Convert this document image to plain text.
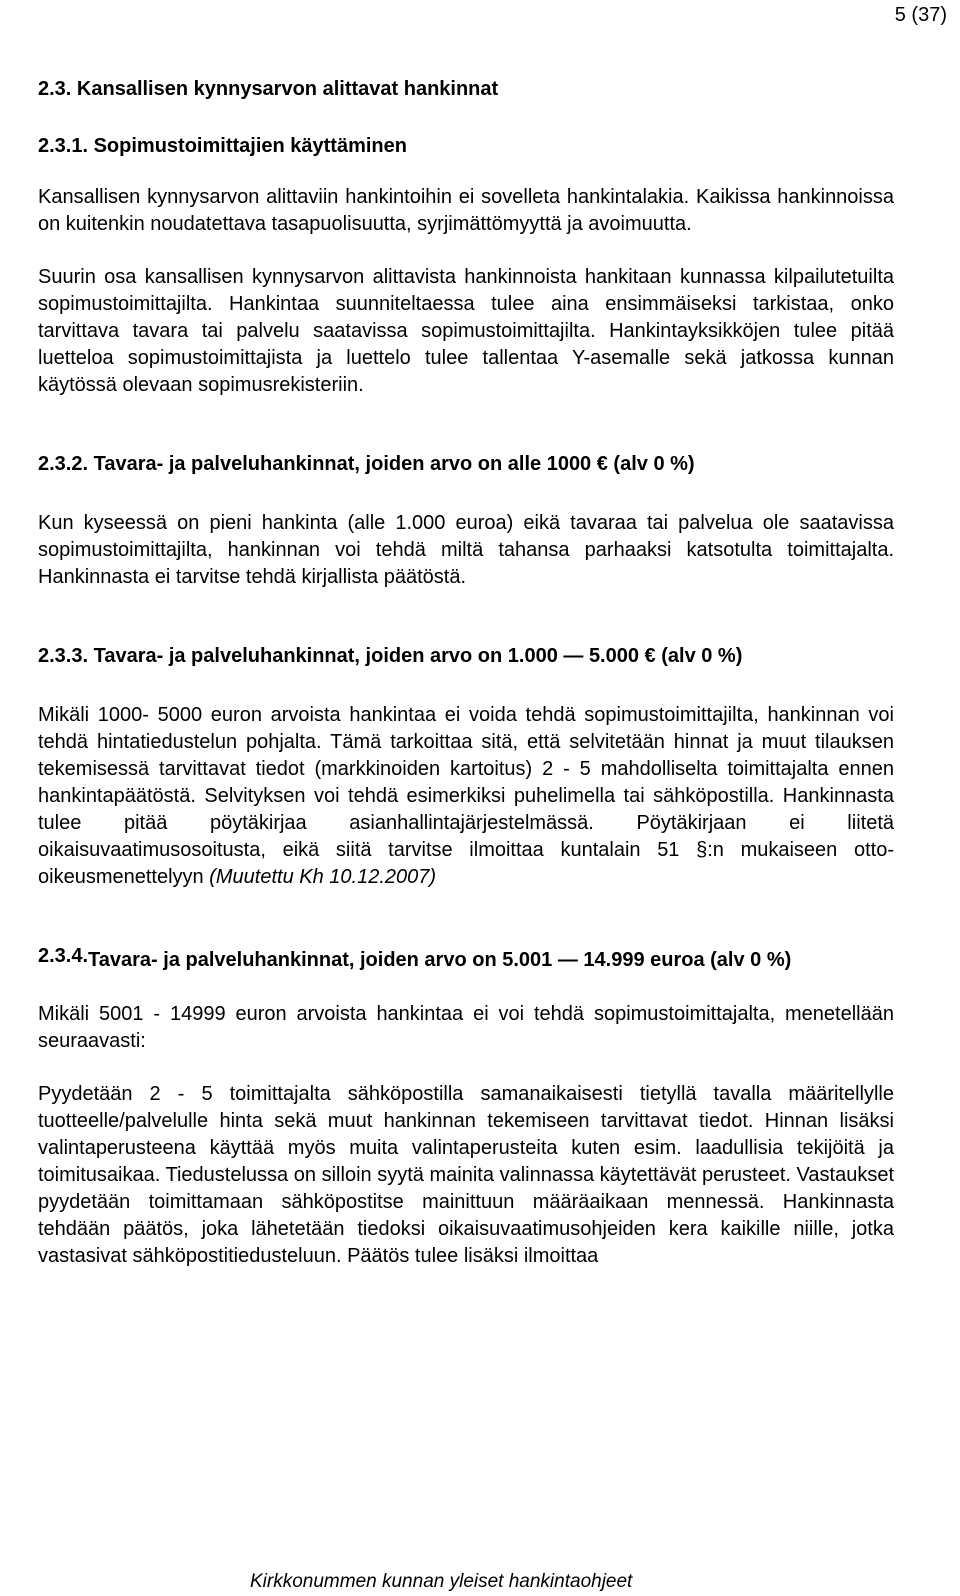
5 (37)
2.3. Kansallisen kynnysarvon alittavat hankinnat
2.3.1. Sopimustoimittajien käyttäminen

Kansallisen kynnysarvon alittaviin hankintoihin ei sovelleta hankintalakia. Kaikissa hankinnoissa on kuitenkin noudatettava tasapuolisuutta, syrjimättömyyttä ja avoimuutta.

Suurin osa kansallisen kynnysarvon alittavista hankinnoista hankitaan kunnassa kilpailutetuilta sopimustoimittajilta. Hankintaa suunniteltaessa tulee aina ensimmäiseksi tarkistaa, onko tarvittava tavara tai palvelu saatavissa sopimustoimittajilta. Hankintayksikköjen tulee pitää luetteloa sopimustoimittajista ja luettelo tulee tallentaa Y-asemalle sekä jatkossa kunnan käytössä olevaan sopimusrekisteriin.

2.3.2. Tavara- ja palveluhankinnat, joiden arvo on alle 1000 € (alv 0 %)

Kun kyseessä on pieni hankinta (alle 1.000 euroa) eikä tavaraa tai palvelua ole saatavissa sopimustoimittajilta, hankinnan voi tehdä miltä tahansa parhaaksi katsotulta toimittajalta. Hankinnasta ei tarvitse tehdä kirjallista päätöstä.

2.3.3. Tavara- ja palveluhankinnat, joiden arvo on 1.000 — 5.000 € (alv 0 %)

Mikäli 1000- 5000 euron arvoista hankintaa ei voida tehdä sopimustoimittajilta, hankinnan voi tehdä hintatiedustelun pohjalta. Tämä tarkoittaa sitä, että selvitetään hinnat ja muut tilauksen tekemisessä tarvittavat tiedot (markkinoiden kartoitus) 2 - 5 mahdolliselta toimittajalta ennen hankintapäätöstä. Selvityksen voi tehdä esimerkiksi puhelimella tai sähköpostilla. Hankinnasta tulee pitää pöytäkirjaa asianhallintajärjestelmässä. Pöytäkirjaan ei liitetä oikaisuvaatimusosoitusta, eikä siitä tarvitse ilmoittaa kuntalain 51 §:n mukaiseen otto-oikeusmenettelyyn (Muutettu Kh 10.12.2007)

2.3.4. Tavara- ja palveluhankinnat, joiden arvo on 5.001 — 14.999 euroa (alv 0 %)

Mikäli 5001 - 14999 euron arvoista hankintaa ei voi tehdä sopimustoimittajalta, menetellään seuraavasti:

Pyydetään 2 - 5 toimittajalta sähköpostilla samanaikaisesti tietyllä tavalla määritellylle tuotteelle/palvelulle hinta sekä muut hankinnan tekemiseen tarvittavat tiedot. Hinnan lisäksi valintaperusteena käyttää myös muita valintaperusteita kuten esim. laadullisia tekijöitä ja toimitusaikaa. Tiedustelussa on silloin syytä mainita valinnassa käytettävät perusteet. Vastaukset pyydetään toimittamaan sähköpostitse mainittuun määräaikaan mennessä. Hankinnasta tehdään päätös, joka lähetetään tiedoksi oikaisuvaatimusohjeiden kera kaikille niille, jotka vastasivat sähköpostitiedusteluun. Päätös tulee lisäksi ilmoittaa

Kirkkonummen kunnan yleiset hankintaohjeet
